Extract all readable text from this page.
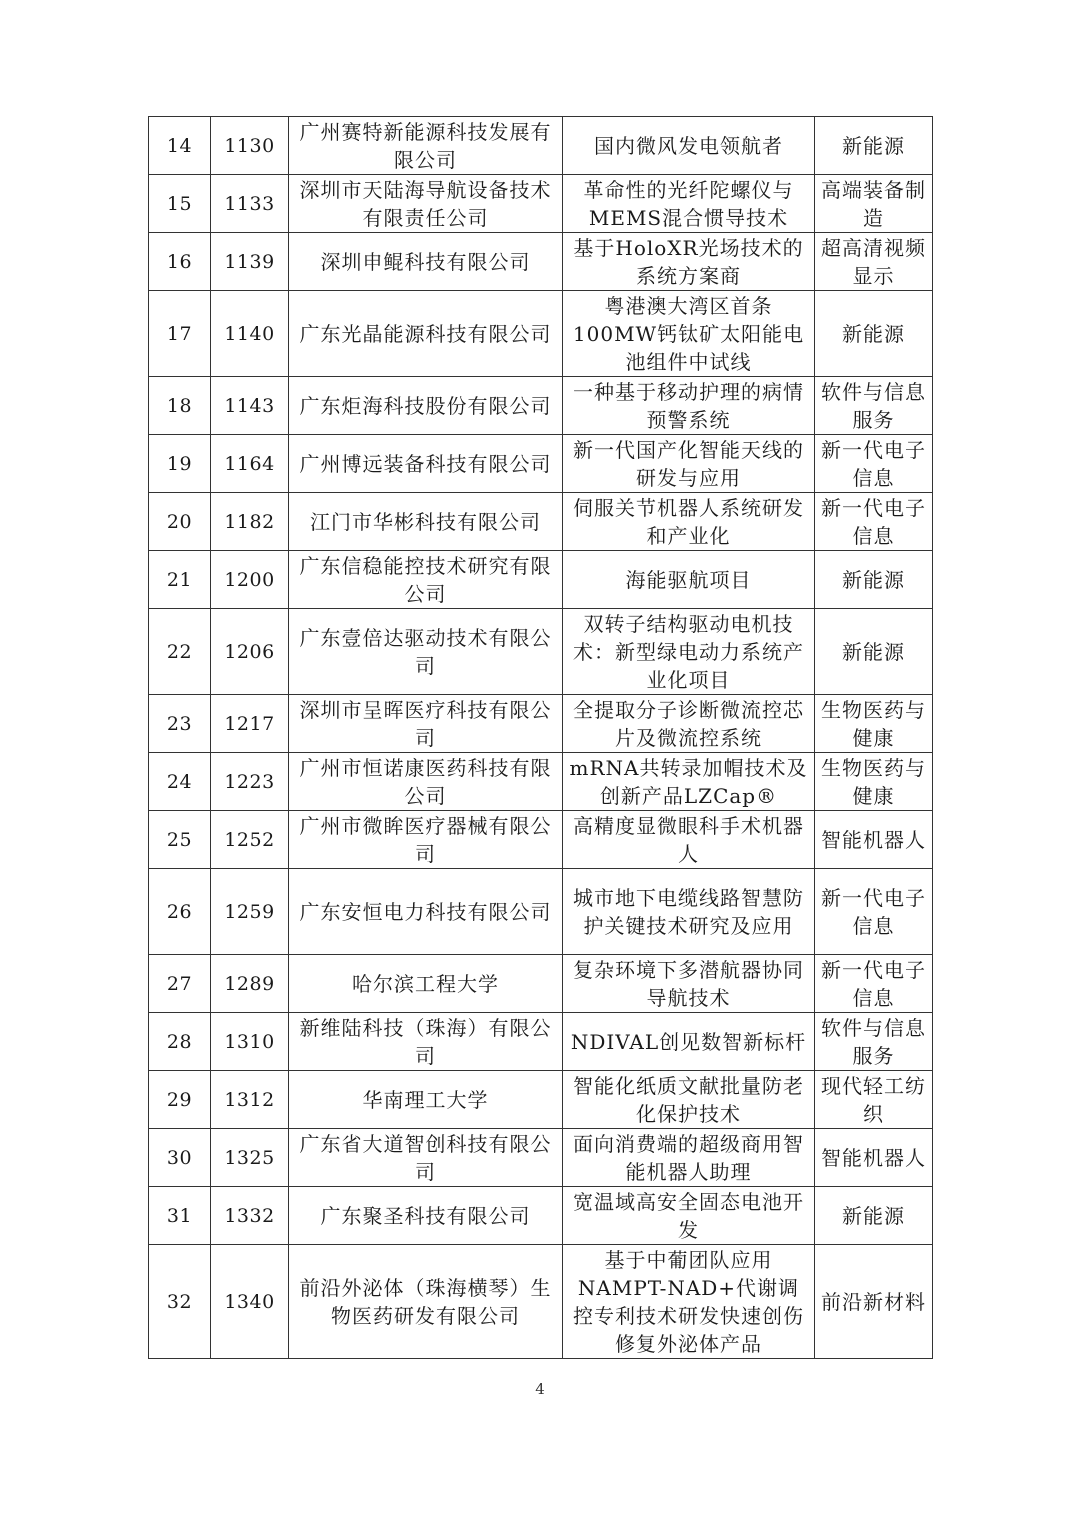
14	1130	广州赛特新能源科技发展有限公司	国内微风发电领航者	新能源
15	1133	深圳市天陆海导航设备技术有限责任公司	革命性的光纤陀螺仪与MEMS混合惯导技术	高端装备制造
16	1139	深圳申鲲科技有限公司	基于HoloXR光场技术的系统方案商	超高清视频显示
17	1140	广东光晶能源科技有限公司	粤港澳大湾区首条100MW钙钛矿太阳能电池组件中试线	新能源
18	1143	广东炬海科技股份有限公司	一种基于移动护理的病情预警系统	软件与信息服务
19	1164	广州博远装备科技有限公司	新一代国产化智能天线的研发与应用	新一代电子信息
20	1182	江门市华彬科技有限公司	伺服关节机器人系统研发和产业化	新一代电子信息
21	1200	广东信稳能控技术研究有限公司	海能驱航项目	新能源
22	1206	广东壹倍达驱动技术有限公司	双转子结构驱动电机技术：新型绿电动力系统产业化项目	新能源
23	1217	深圳市呈晖医疗科技有限公司	全提取分子诊断微流控芯片及微流控系统	生物医药与健康
24	1223	广州市恒诺康医药科技有限公司	mRNA共转录加帽技术及创新产品LZCap®	生物医药与健康
25	1252	广州市微眸医疗器械有限公司	高精度显微眼科手术机器人	智能机器人
26	1259	广东安恒电力科技有限公司	城市地下电缆线路智慧防护关键技术研究及应用	新一代电子信息
27	1289	哈尔滨工程大学	复杂环境下多潜航器协同导航技术	新一代电子信息
28	1310	新维陆科技（珠海）有限公司	NDIVAL创见数智新标杆	软件与信息服务
29	1312	华南理工大学	智能化纸质文献批量防老化保护技术	现代轻工纺织
30	1325	广东省大道智创科技有限公司	面向消费端的超级商用智能机器人助理	智能机器人
31	1332	广东聚圣科技有限公司	宽温域高安全固态电池开发	新能源
32	1340	前沿外泌体（珠海横琴）生物医药研发有限公司	基于中葡团队应用NAMPT-NAD+代谢调控专利技术研发快速创伤修复外泌体产品	前沿新材料
4
